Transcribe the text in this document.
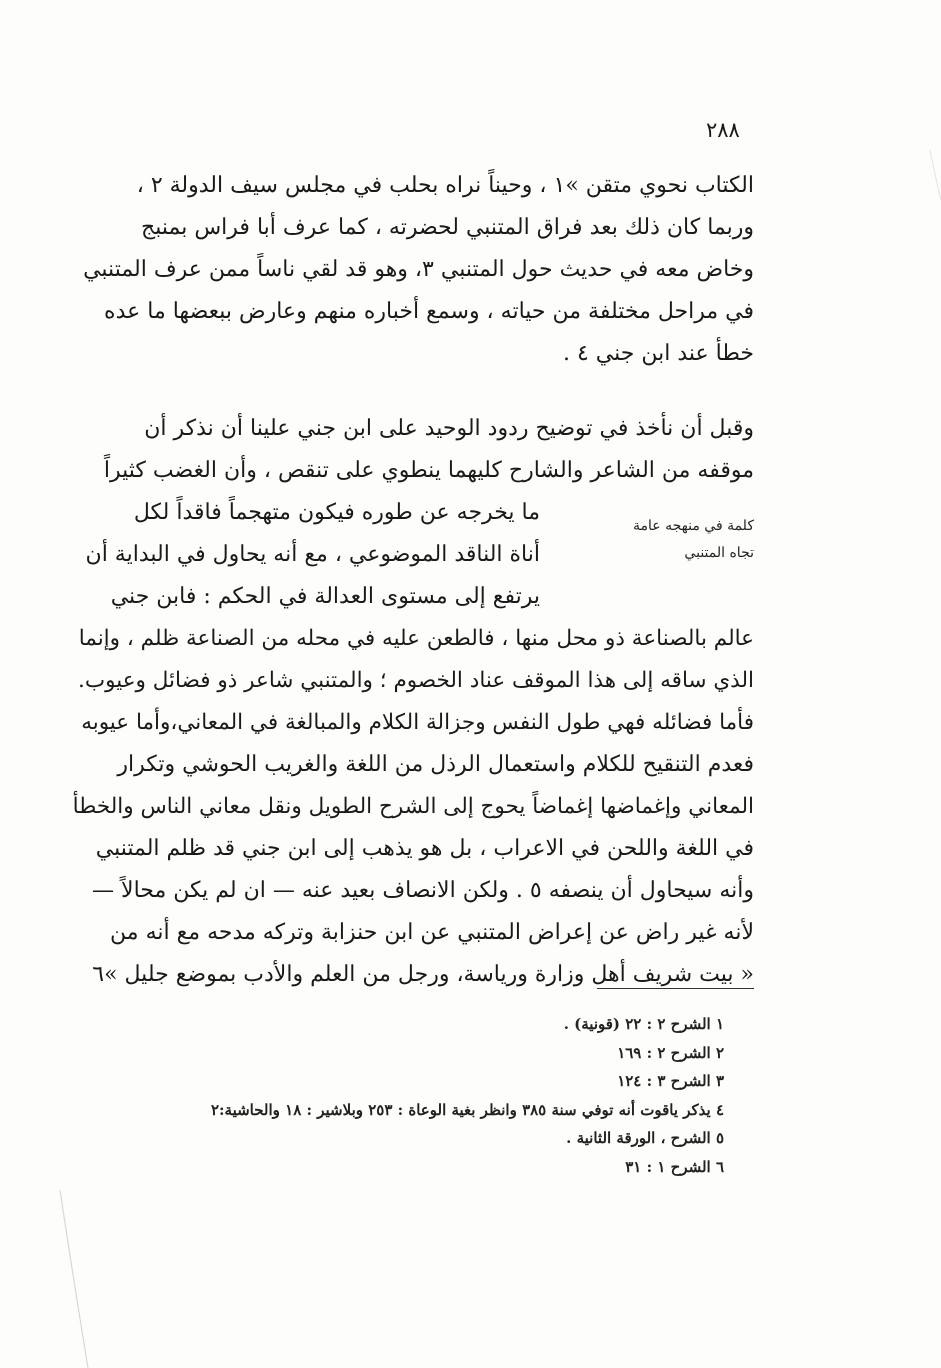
٢٨٨
الكتاب نحوي متقن »١ ، وحيناً نراه بحلب في مجلس سيف الدولة ٢ ،
وربما كان ذلك بعد فراق المتنبي لحضرته ، كما عرف أبا فراس بمنبج
وخاض معه في حديث حول المتنبي ٣، وهو قد لقي ناساً ممن عرف المتنبي
في مراحل مختلفة من حياته ، وسمع أخباره منهم وعارض ببعضها ما عده
خطأ عند ابن جني ٤ .
وقبل أن نأخذ في توضيح ردود الوحيد على ابن جني علينا أن نذكر أن
موقفه من الشاعر والشارح كليهما ينطوي على تنقص ، وأن الغضب كثيراً
ما يخرجه عن طوره فيكون متهجماً فاقداً لكل
أناة الناقد الموضوعي ، مع أنه يحاول في البداية أن
يرتفع إلى مستوى العدالة في الحكم : فابن جني
كلمة في منهجه عامة
تجاه المتنبي
عالم بالصناعة ذو محل منها ، فالطعن عليه في محله من الصناعة ظلم ، وإنما
الذي ساقه إلى هذا الموقف عناد الخصوم ؛ والمتنبي شاعر ذو فضائل وعيوب.
فأما فضائله فهي طول النفس وجزالة الكلام والمبالغة في المعاني،وأما عيوبه
فعدم التنقيح للكلام واستعمال الرذل من اللغة والغريب الحوشي وتكرار
المعاني وإغماضها إغماضاً يحوج إلى الشرح الطويل ونقل معاني الناس والخطأ
في اللغة واللحن في الاعراب ، بل هو يذهب إلى ابن جني قد ظلم المتنبي
وأنه سيحاول أن ينصفه ٥ . ولكن الانصاف بعيد عنه — ان لم يكن محالاً —
لأنه غير راض عن إعراض المتنبي عن ابن حنزابة وتركه مدحه مع أنه من
« بيت شريف أهل وزارة ورياسة، ورجل من العلم والأدب بموضع جليل »٦
١ الشرح ٢ : ٢٢ (قونية) .
٢ الشرح ٢ : ١٦٩
٣ الشرح ٣ : ١٢٤
٤ يذكر ياقوت أنه توفي سنة ٣٨٥ وانظر بغية الوعاة : ٢٥٣ وبلاشير : ١٨ والحاشية:٢
٥ الشرح ، الورقة الثانية .
٦ الشرح ١ : ٣١
